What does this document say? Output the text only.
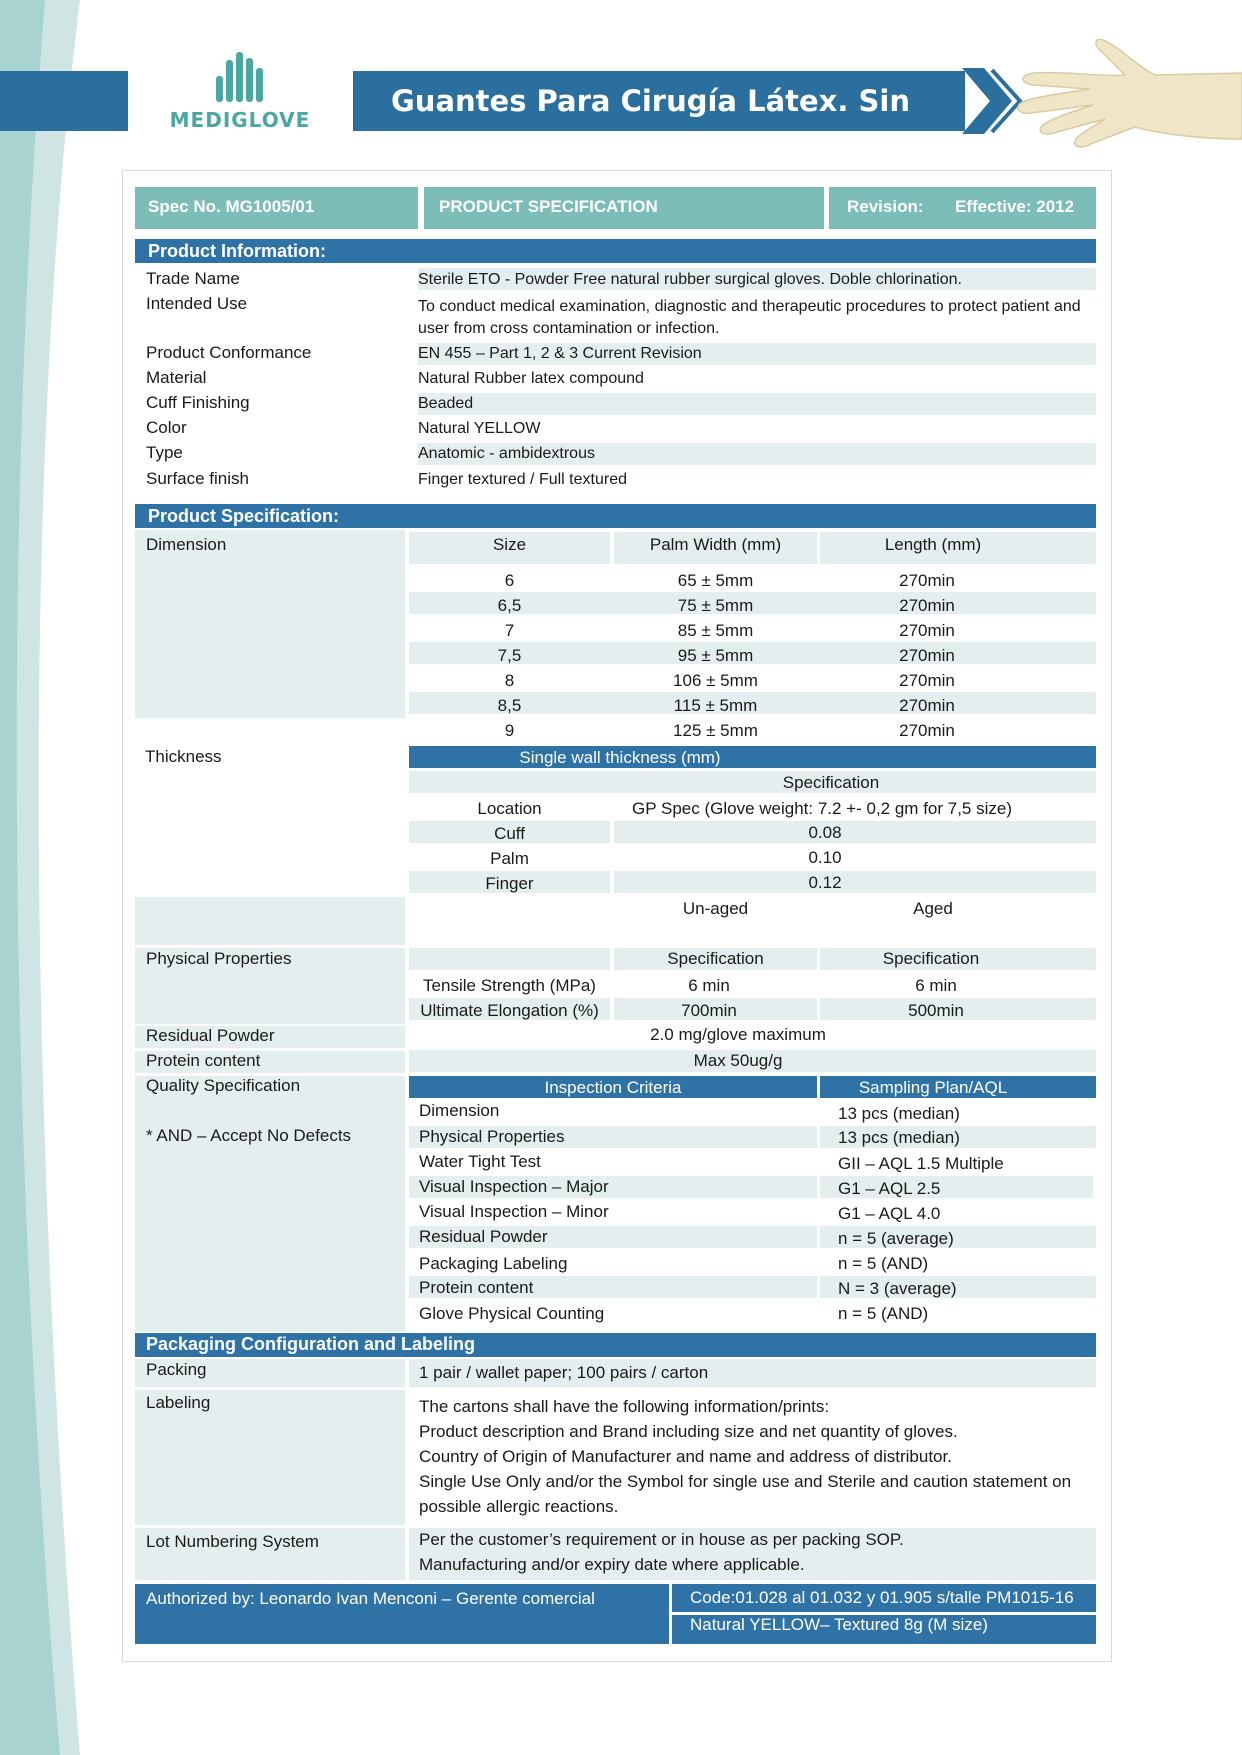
MEDIGLOVE
Guantes Para Cirugía Látex. Sin Polvo
Spec No. MG1005/01	PRODUCT SPECIFICATION	Revision: Effective: 2012
Product Information:
Trade Name	Sterile ETO - Powder Free natural rubber surgical gloves. Doble chlorination.
Intended Use	To conduct medical examination, diagnostic and therapeutic procedures to protect patient and
user from cross contamination or infection.
Product Conformance	EN 455 – Part 1, 2 & 3 Current Revision
Material	Natural Rubber latex compound
Cuff Finishing	Beaded
Color	Natural YELLOW
Type	Anatomic - ambidextrous
Surface finish	Finger textured / Full textured
Product Specification:
Dimension	Size	Palm Width (mm)	Length (mm)
6	65 ± 5mm	270min
6,5	75 ± 5mm	270min
7	85 ± 5mm	270min
7,5	95 ± 5mm	270min
8	106 ± 5mm	270min
8,5	115 ± 5mm	270min
9	125 ± 5mm	270min
Thickness	Single wall thickness (mm)
Specification
Location	GP Spec (Glove weight: 7.2 +- 0,2 gm for 7,5 size)
Cuff	0.08
Palm	0.10
Finger	0.12
Un-aged	Aged
Physical Properties	Specification	Specification
Tensile Strength (MPa)	6 min	6 min
Ultimate Elongation (%)	700min	500min
Residual Powder	2.0 mg/glove maximum
Protein content	Max 50ug/g
Quality Specification
* AND – Accept No Defects
Inspection Criteria	Sampling Plan/AQL
Dimension	13 pcs (median)
Physical Properties	13 pcs (median)
Water Tight Test	GII – AQL 1.5 Multiple
Visual Inspection – Major	G1 – AQL 2.5
Visual Inspection – Minor	G1 – AQL 4.0
Residual Powder	n = 5 (average)
Packaging Labeling	n = 5 (AND)
Protein content	N = 3 (average)
Glove Physical Counting	n = 5 (AND)
Packaging Configuration and Labeling
Packing	1 pair / wallet paper; 100 pairs / carton
Labeling	The cartons shall have the following information/prints:
Product description and Brand including size and net quantity of gloves.
Country of Origin of Manufacturer and name and address of distributor.
Single Use Only and/or the Symbol for single use and Sterile and caution statement on
possible allergic reactions.
Lot Numbering System	Per the customer’s requirement or in house as per packing SOP.
Manufacturing and/or expiry date where applicable.
Authorized by: Leonardo Ivan Menconi – Gerente comercial	Code:01.028 al 01.032 y 01.905 s/talle PM1015-16
Natural YELLOW– Textured 8g (M size)
